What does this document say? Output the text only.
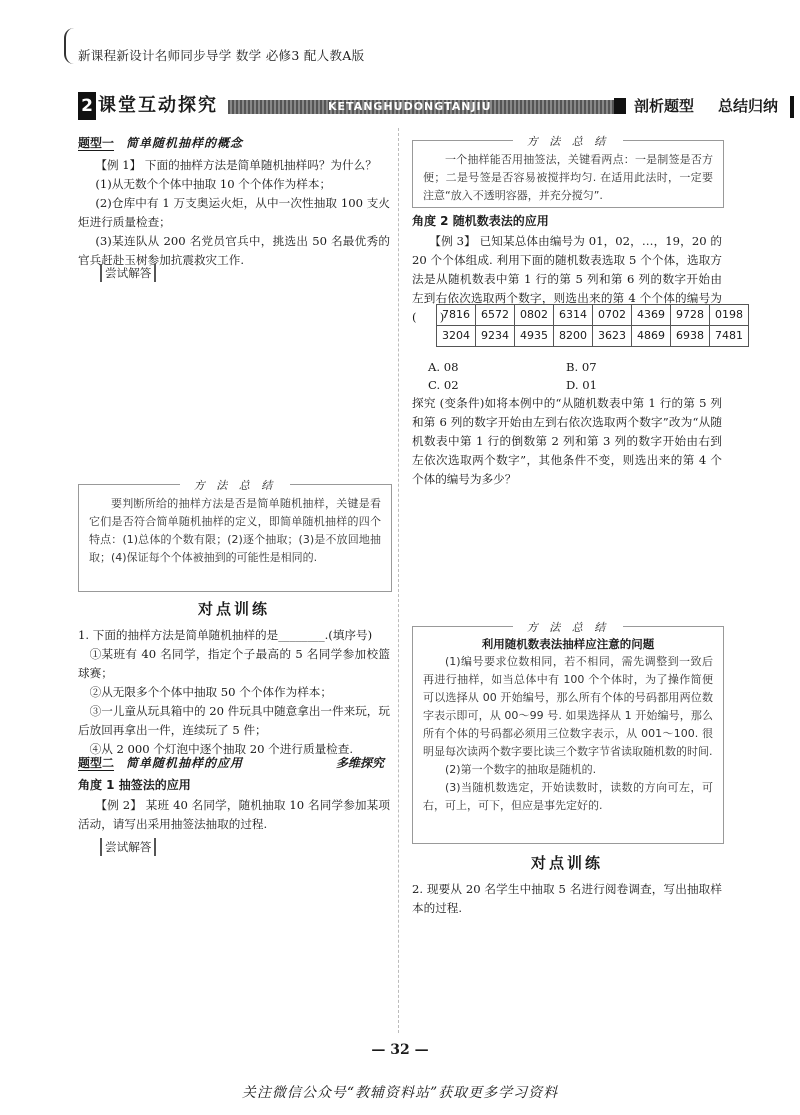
新课程新设计名师同步导学 数学 必修3 配人教A版
2 课堂互动探究	KETANGHUDONGTANJIU	剖析题型 总结归纳
题型一 简单随机抽样的概念

【例 1】 下面的抽样方法是简单随机抽样吗？为什么？

(1)从无数个个体中抽取 10 个个体作为样本；

(2)仓库中有 1 万支奥运火炬，从中一次性抽取 100 支火炬进行质量检查；

(3)某连队从 200 名党员官兵中，挑选出 50 名最优秀的官兵赶赴玉树参加抗震救灾工作.

尝试解答
方 法 总 结

要判断所给的抽样方法是否是简单随机抽样，关键是看它们是否符合简单随机抽样的定义，即简单随机抽样的四个特点：(1)总体的个数有限；(2)逐个抽取；(3)是不放回地抽取；(4)保证每个个体被抽到的可能性是相同的.

对点训练

1. 下面的抽样方法是简单随机抽样的是________.(填序号)

①某班有 40 名同学，指定个子最高的 5 名同学参加校篮球赛；

②从无限多个个体中抽取 50 个个体作为样本；

③一儿童从玩具箱中的 20 件玩具中随意拿出一件来玩，玩后放回再拿出一件，连续玩了 5 件；

④从 2 000 个灯泡中逐个抽取 20 个进行质量检查.

题型二 简单随机抽样的应用	多维探究
角度 1 抽签法的应用

【例 2】 某班 40 名同学，随机抽取 10 名同学参加某项活动，请写出采用抽签法抽取的过程.

尝试解答
方 法 总 结

一个抽样能否用抽签法，关键看两点：一是制签是否方便；二是号签是否容易被搅拌均匀. 在适用此法时，一定要注意“放入不透明容器，并充分搅匀”.

角度 2 随机数表法的应用

【例 3】 已知某总体由编号为 01，02，…，19，20 的 20 个个体组成. 利用下面的随机数表选取 5 个个体，选取方法是从随机数表中第 1 行的第 5 列和第 6 列的数字开始由左到右依次选取两个数字，则选出来的第 4 个个体的编号为(　　)

7816	6572	0802	6314	0702	4369	9728	0198
3204	9234	4935	8200	3623	4869	6938	7481
A. 08	B. 07
C. 02	D. 01

探究 (变条件)如将本例中的“从随机数表中第 1 行的第 5 列和第 6 列的数字开始由左到右依次选取两个数字”改为“从随机数表中第 1 行的倒数第 2 列和第 3 列的数字开始由右到左依次选取两个数字”，其他条件不变，则选出来的第 4 个个体的编号为多少？

方 法 总 结
利用随机数表法抽样应注意的问题

(1)编号要求位数相同，若不相同，需先调整到一致后再进行抽样，如当总体中有 100 个个体时，为了操作简便可以选择从 00 开始编号，那么所有个体的号码都用两位数字表示即可，从 00～99 号. 如果选择从 1 开始编号，那么所有个体的号码都必须用三位数字表示，从 001～100. 很明显每次读两个数字要比读三个数字节省读取随机数的时间.

(2)第一个数字的抽取是随机的.

(3)当随机数选定，开始读数时，读数的方向可左，可右，可上，可下，但应是事先定好的.

对点训练

2. 现要从 20 名学生中抽取 5 名进行阅卷调查，写出抽取样本的过程.

— 32 —
关注微信公众号“教辅资料站”获取更多学习资料
